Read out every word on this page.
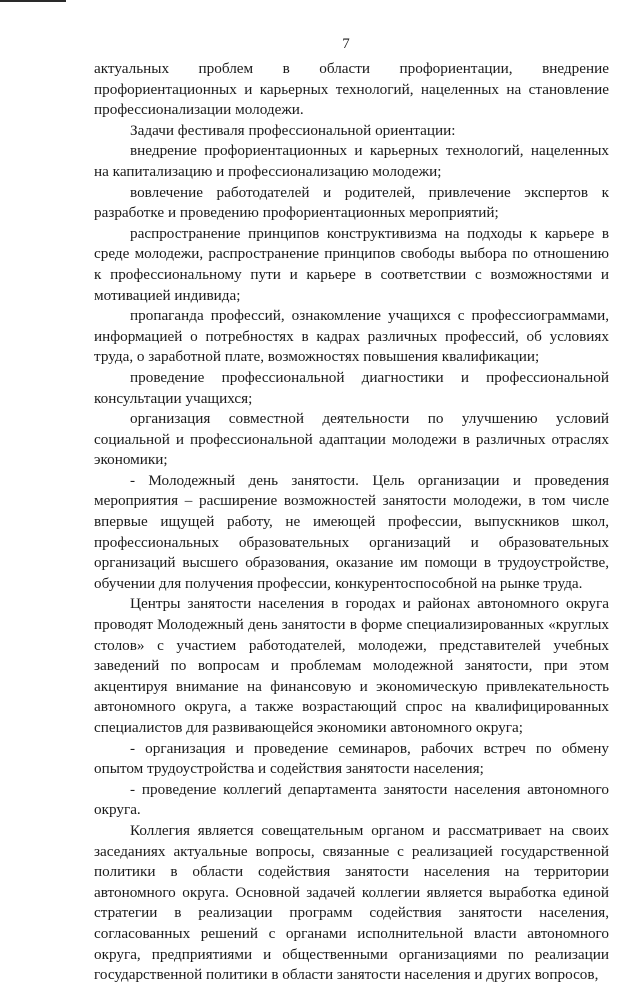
7

актуальных проблем в области профориентации, внедрение профориентационных и карьерных технологий, нацеленных на становление профессионализации молодежи.

Задачи фестиваля профессиональной ориентации:

внедрение профориентационных и карьерных технологий, нацеленных на капитализацию и профессионализацию молодежи;

вовлечение работодателей и родителей, привлечение экспертов к разработке и проведению профориентационных мероприятий;

распространение принципов конструктивизма на подходы к карьере в среде молодежи, распространение принципов свободы выбора по отношению к профессиональному пути и карьере в соответствии с возможностями и мотивацией индивида;

пропаганда профессий, ознакомление учащихся с профессиограммами, информацией о потребностях в кадрах различных профессий, об условиях труда, о заработной плате, возможностях повышения квалификации;

проведение профессиональной диагностики и профессиональной консультации учащихся;

организация совместной деятельности по улучшению условий социальной и профессиональной адаптации молодежи в различных отраслях экономики;

- Молодежный день занятости. Цель организации и проведения мероприятия – расширение возможностей занятости молодежи, в том числе впервые ищущей работу, не имеющей профессии, выпускников школ, профессиональных образовательных организаций и образовательных организаций высшего образования, оказание им помощи в трудоустройстве, обучении для получения профессии, конкурентоспособной на рынке труда.

Центры занятости населения в городах и районах автономного округа проводят Молодежный день занятости в форме специализированных «круглых столов» с участием работодателей, молодежи, представителей учебных заведений по вопросам и проблемам молодежной занятости, при этом акцентируя внимание на финансовую и экономическую привлекательность автономного округа, а также возрастающий спрос на квалифицированных специалистов для развивающейся экономики автономного округа;

- организация и проведение семинаров, рабочих встреч по обмену опытом трудоустройства и содействия занятости населения;

- проведение коллегий департамента занятости населения автономного округа.

Коллегия является совещательным органом и рассматривает на своих заседаниях актуальные вопросы, связанные с реализацией государственной политики в области содействия занятости населения на территории автономного округа. Основной задачей коллегии является выработка единой стратегии в реализации программ содействия занятости населения, согласованных решений с органами исполнительной власти автономного округа, предприятиями и общественными организациями по реализации государственной политики в области занятости населения и других вопросов,
